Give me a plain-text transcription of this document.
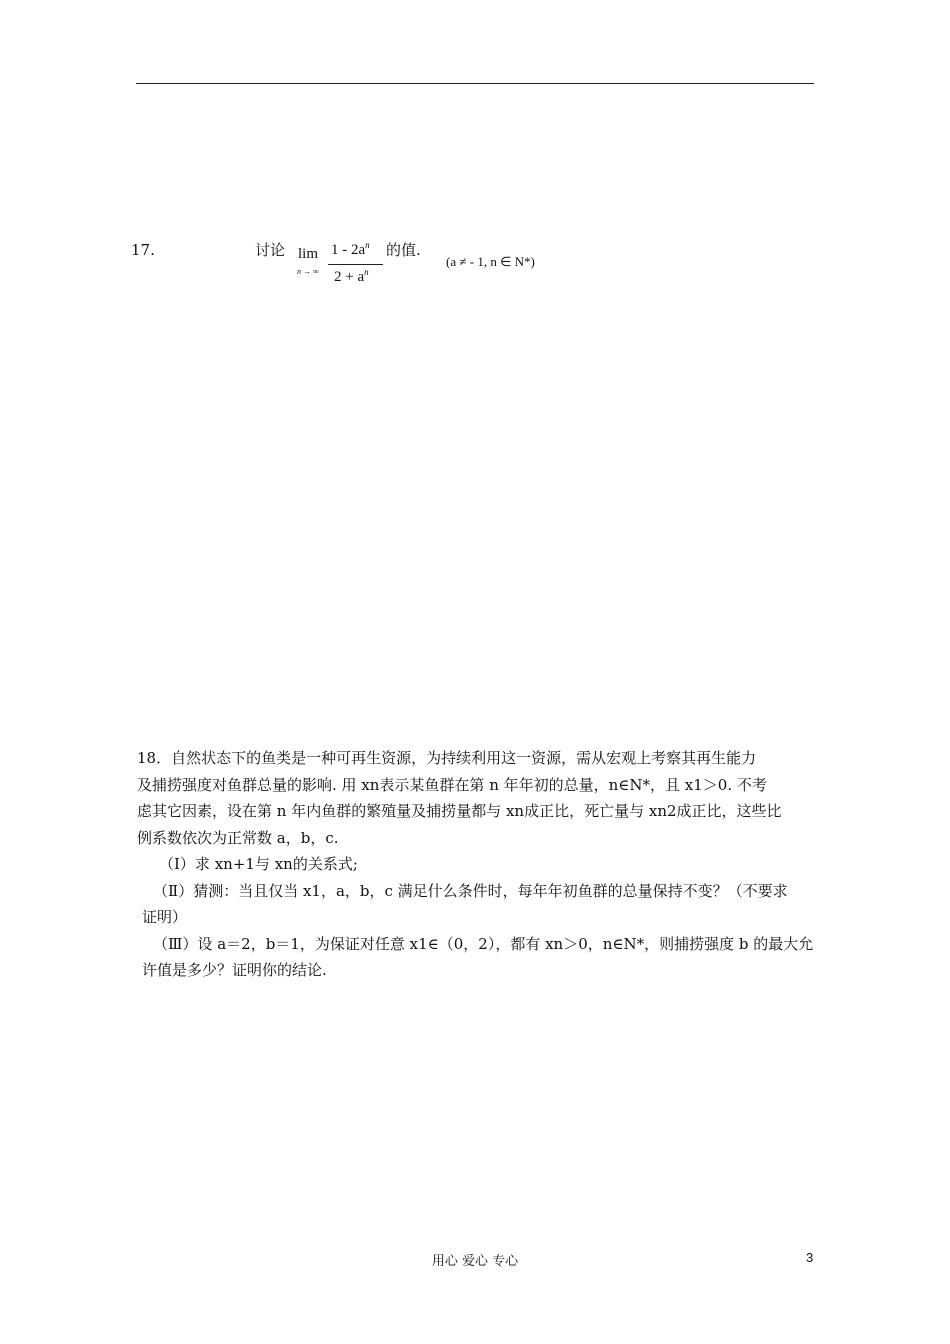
17.	讨论 lim
n → ∞
$1 - 2a^n$
$2 + a^n$
的值.
(a ≠ - 1, n ∈ N*)

18．自然状态下的鱼类是一种可再生资源，为持续利用这一资源，需从宏观上考察其再生能力

及捕捞强度对鱼群总量的影响. 用 xn表示某鱼群在第 n 年年初的总量，n∈N*，且 x1＞0. 不考

虑其它因素，设在第 n 年内鱼群的繁殖量及捕捞量都与 xn成正比，死亡量与 xn2成正比，这些比

例系数依次为正常数 a，b，c.

（Ⅰ）求 xn+1与 xn的关系式;

（Ⅱ）猜测：当且仅当 x1，a，b，c 满足什么条件时，每年年初鱼群的总量保持不变？（不要求

证明）

（Ⅲ）设 a＝2，b＝1，为保证对任意 x1∈（0，2），都有 xn＞0，n∈N*，则捕捞强度 b 的最大允

许值是多少？证明你的结论.

用心 爱心 专心	3
